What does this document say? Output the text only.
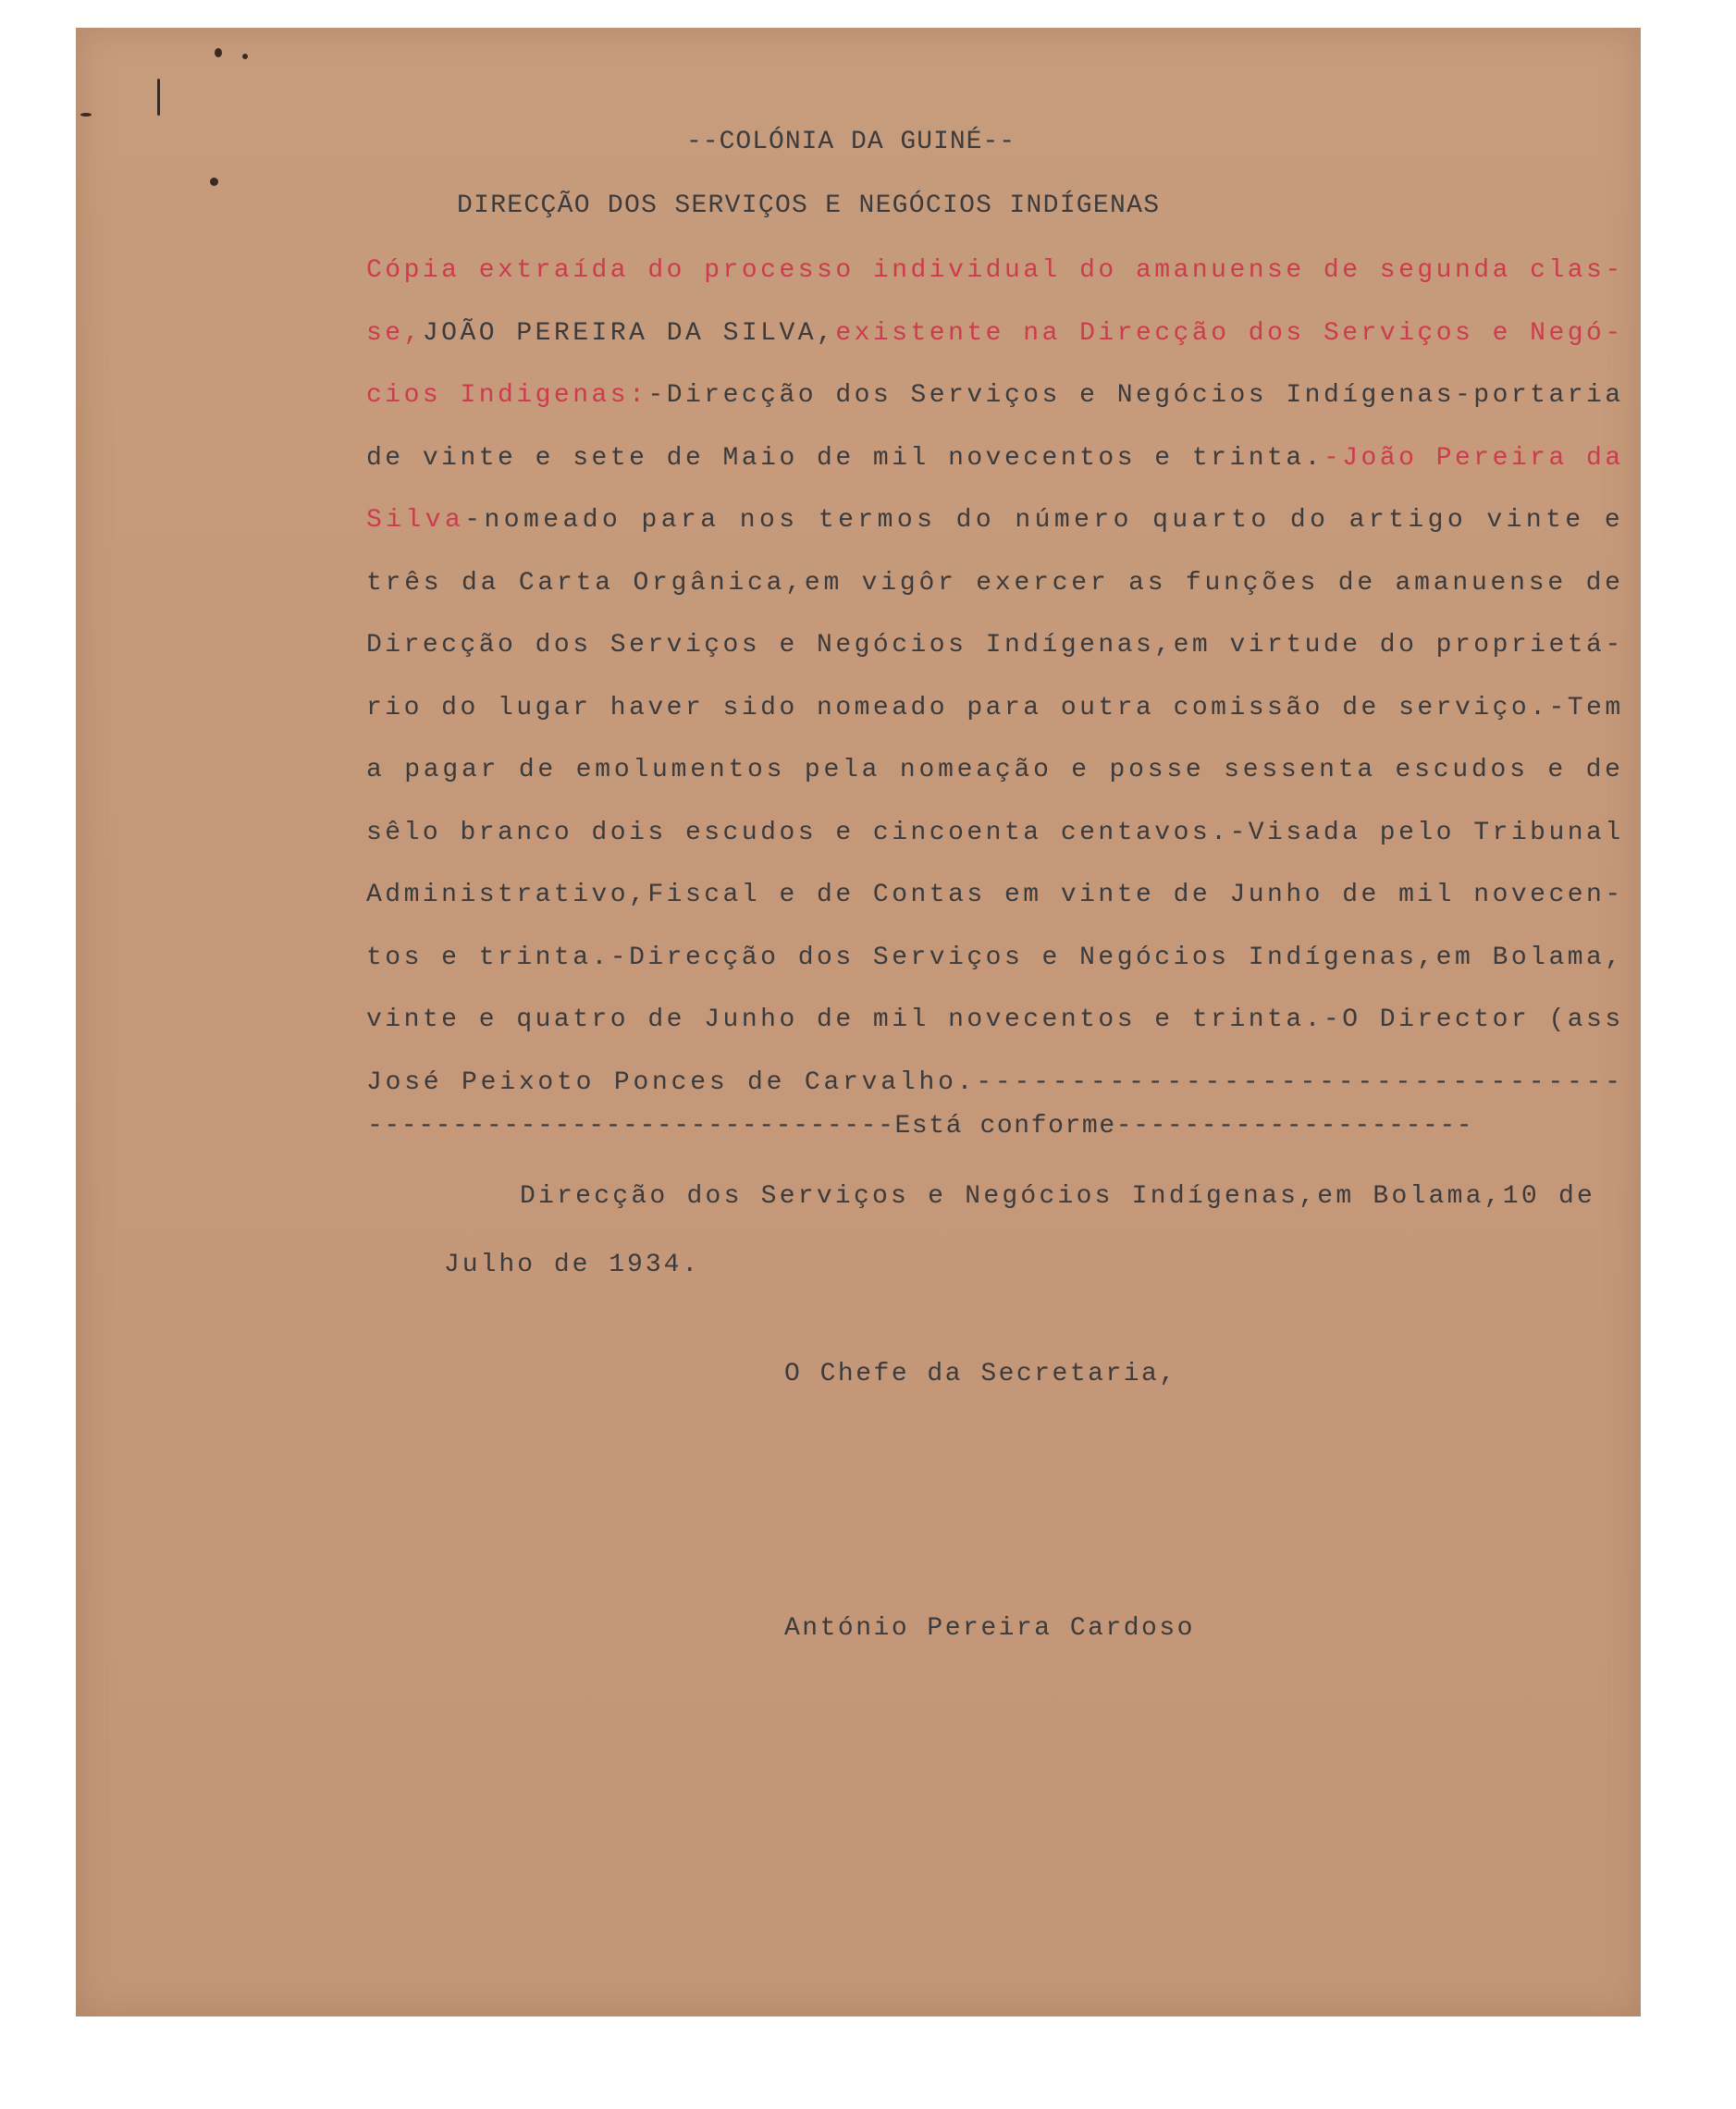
--COLÓNIA DA GUINÉ--
DIRECÇÃO DOS SERVIÇOS E NEGÓCIOS INDÍGENAS
Cópia extraída do processo individual do amanuense de segunda clas-
se,JOÃO PEREIRA DA SILVA,existente na Direcção dos Serviços e Negó-
cios Indigenas:-Direcção dos Serviços e Negócios Indígenas-portaria
de vinte e sete de Maio de mil novecentos e trinta.-João Pereira da
Silva-nomeado para nos termos do número quarto do artigo vinte e
três da Carta Orgânica,em vigôr exercer as funções de amanuense de
Direcção dos Serviços e Negócios Indígenas,em virtude do proprietá-
rio do lugar haver sido nomeado para outra comissão de serviço.-Tem
a pagar de emolumentos pela nomeação e posse sessenta escudos e de
sêlo branco dois escudos e cincoenta centavos.-Visada pelo Tribunal
Administrativo,Fiscal e de Contas em vinte de Junho de mil novecen-
tos e trinta.-Direcção dos Serviços e Negócios Indígenas,em Bolama,
vinte e quatro de Junho de mil novecentos e trinta.-O Director (ass
José Peixoto Ponces de Carvalho.----------------------------------
-------------------------------Está conforme---------------------
Direcção dos Serviços e Negócios Indígenas,em Bolama,10 de
Julho de 1934.
O Chefe da Secretaria,
António Pereira Cardoso
